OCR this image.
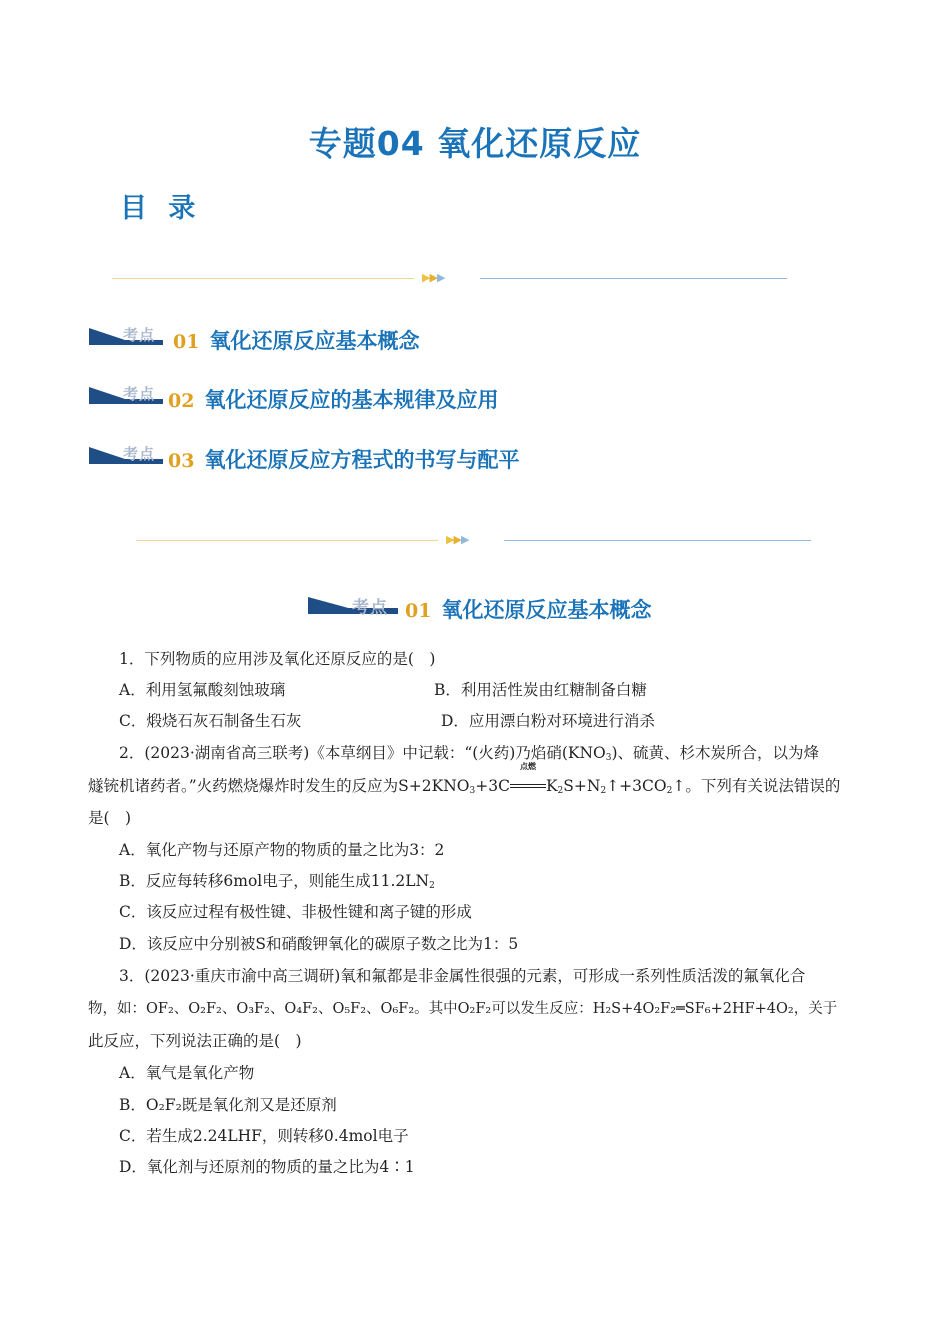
专题04 氧化还原反应
目 录
▶▶▶
考点 01 氧化还原反应基本概念
考点 02 氧化还原反应的基本规律及应用
考点 03 氧化还原反应方程式的书写与配平
▶▶▶
考点 01 氧化还原反应基本概念
1．下列物质的应用涉及氧化还原反应的是(　)
A．利用氢氟酸刻蚀玻璃	B．利用活性炭由红糖制备白糖
C．煅烧石灰石制备生石灰	D．应用漂白粉对环境进行消杀
2．(2023·湖南省高三联考)《本草纲目》中记载：“(火药)乃焰硝$(KNO_3)$、硫黄、杉木炭所合，以为烽
燧铳机诸药者。”火药燃烧爆炸时发生的反应为$S+2KNO_3+3C$
点燃
$K_2S+N_2↑+3CO_2↑$。下列有关说法错误的
是(　)
A．氧化产物与还原产物的物质的量之比为3：2
B．反应每转移6mol电子，则能生成$11.2LN_2$
C．该反应过程有极性键、非极性键和离子键的形成
D．该反应中分别被S和硝酸钾氧化的碳原子数之比为1：5
3．(2023·重庆市渝中高三调研)氧和氟都是非金属性很强的元素，可形成一系列性质活泼的氟氧化合
物，如：OF₂、O₂F₂、O₃F₂、O₄F₂、O₅F₂、O₆F₂。其中O₂F₂可以发生反应：H₂S+4O₂F₂═SF₆+2HF+4O₂，关于
此反应，下列说法正确的是(　)
A．氧气是氧化产物
B．O₂F₂既是氧化剂又是还原剂
C．若生成2.24LHF，则转移0.4mol电子
D．氧化剂与还原剂的物质的量之比为4∶1
